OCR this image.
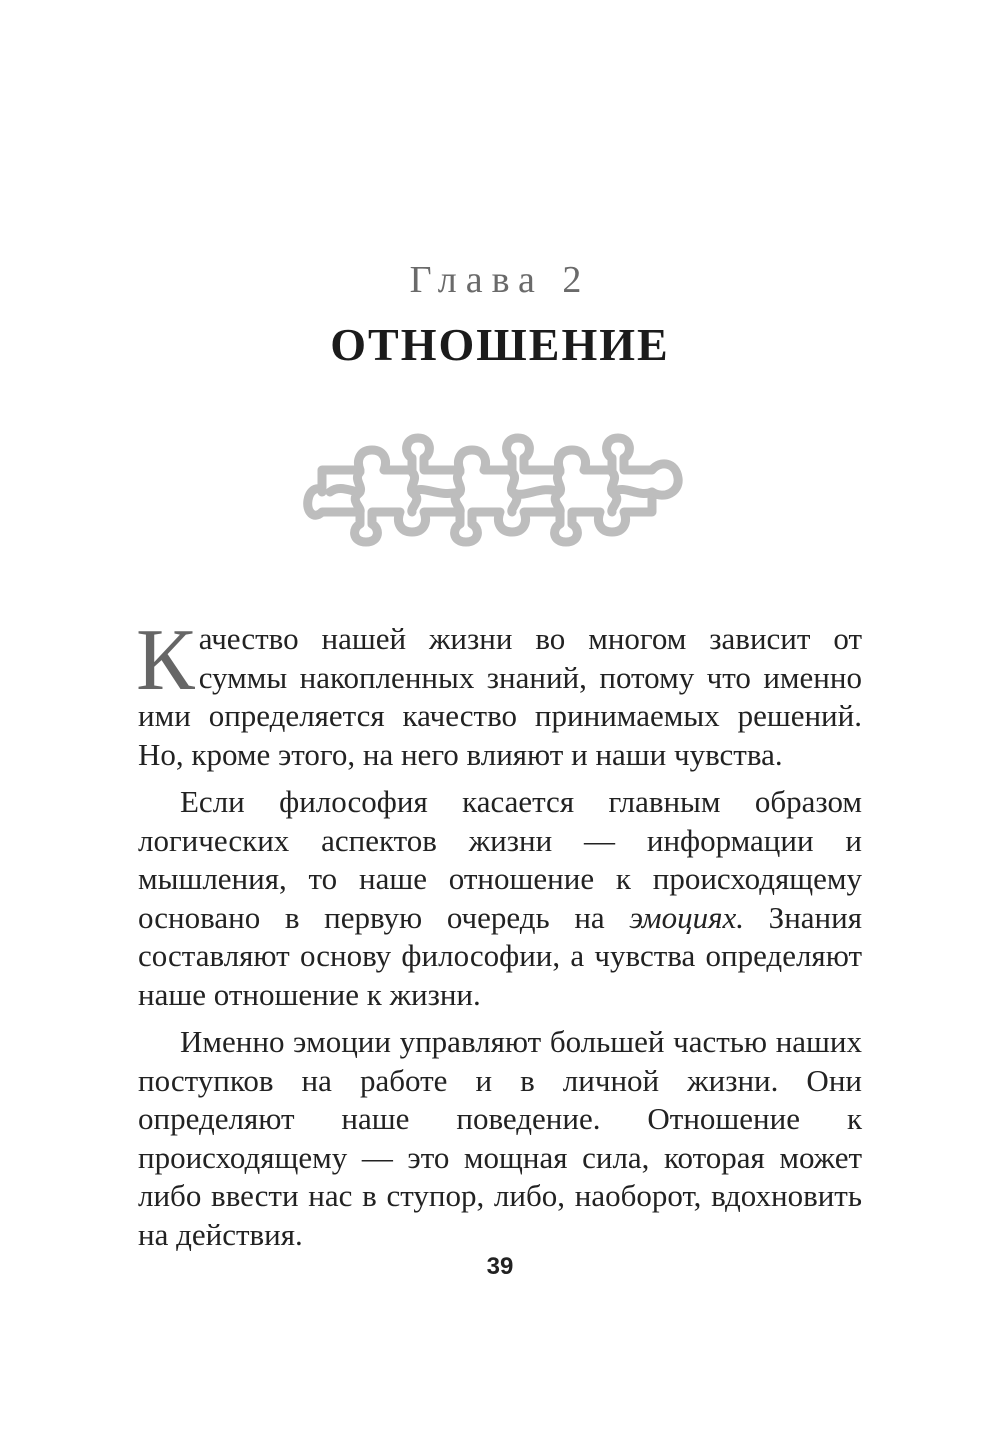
Глава 2
ОТНОШЕНИЕ

К ачество нашей жизни во многом зависит от суммы накопленных знаний, потому что именно ими определяется качество принимаемых решений. Но, кроме этого, на него влияют и наши чувства.

Если философия касается главным образом логических аспектов жизни — информации и мышления, то наше отношение к происходящему основано в первую очередь на эмоциях. Знания составляют основу философии, а чувства определяют наше отношение к жизни.

Именно эмоции управляют большей частью наших поступков на работе и в личной жизни. Они определяют наше поведение. Отношение к происходящему — это мощная сила, которая может либо ввести нас в ступор, либо, наоборот, вдохновить на действия.

39
